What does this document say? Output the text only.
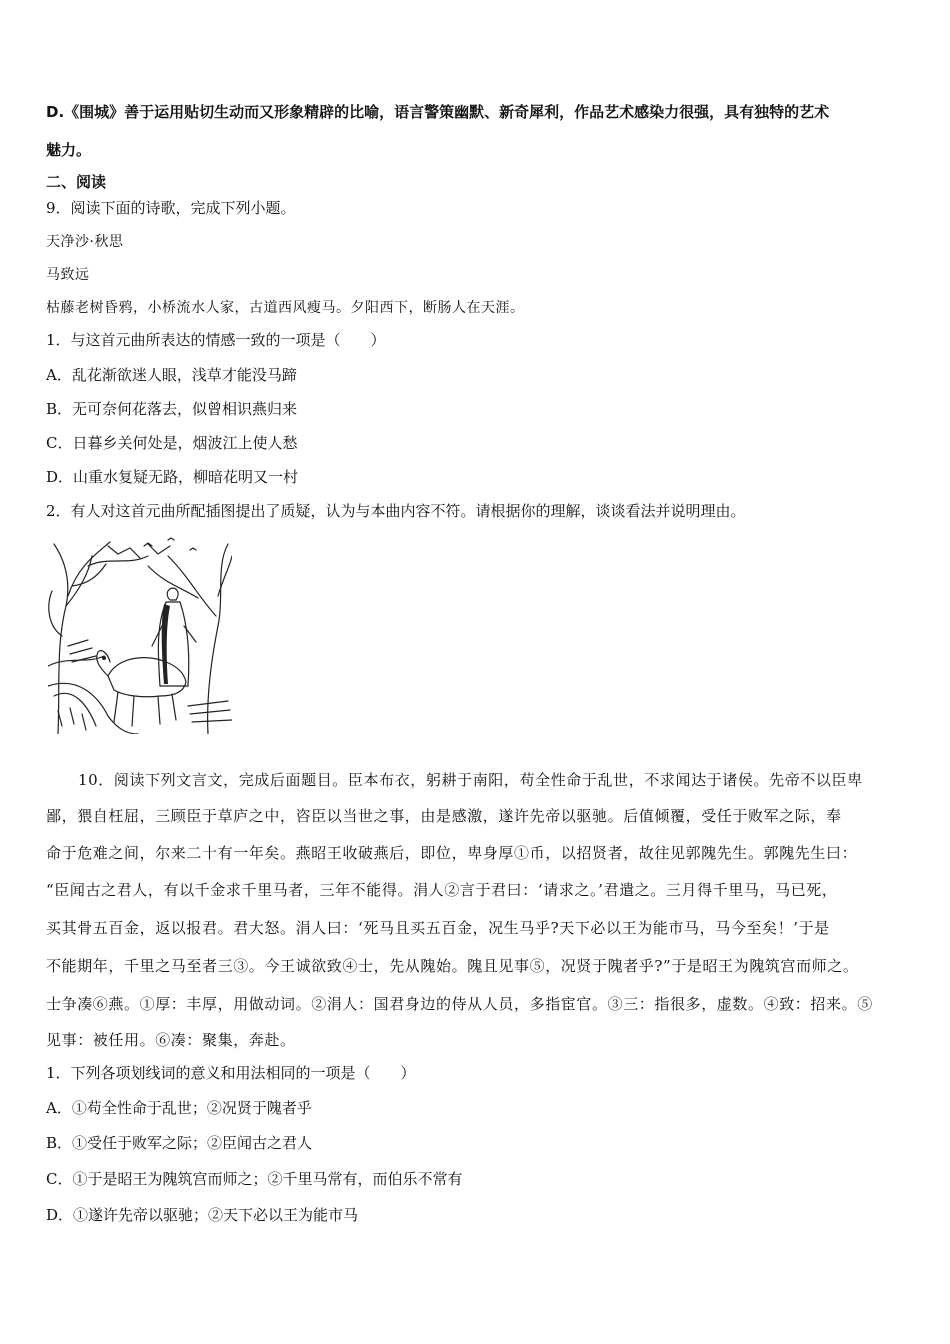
D.《围城》善于运用贴切生动而又形象精辟的比喻，语言警策幽默、新奇犀利，作品艺术感染力很强，具有独特的艺术
魅力。
二、阅读
9．阅读下面的诗歌，完成下列小题。
天净沙·秋思
马致远
枯藤老树昏鸦，小桥流水人家，古道西风瘦马。夕阳西下，断肠人在天涯。
1．与这首元曲所表达的情感一致的一项是（　　）
A．乱花渐欲迷人眼，浅草才能没马蹄
B．无可奈何花落去，似曾相识燕归来
C．日暮乡关何处是，烟波江上使人愁
D．山重水复疑无路，柳暗花明又一村
2．有人对这首元曲所配插图提出了质疑，认为与本曲内容不符。请根据你的理解，谈谈看法并说明理由。
10．阅读下列文言文，完成后面题目。臣本布衣，躬耕于南阳，苟全性命于乱世，不求闻达于诸侯。先帝不以臣卑
鄙，猥自枉屈，三顾臣于草庐之中，咨臣以当世之事，由是感激，遂许先帝以驱驰。后值倾覆，受任于败军之际，奉
命于危难之间，尔来二十有一年矣。燕昭王收破燕后，即位，卑身厚①币，以招贤者，故往见郭隗先生。郭隗先生曰：
“臣闻古之君人，有以千金求千里马者，三年不能得。涓人②言于君曰：‘请求之。’君遣之。三月得千里马，马已死，
买其骨五百金，返以报君。君大怒。涓人曰：‘死马且买五百金，况生马乎?天下必以王为能市马，马今至矣！’于是
不能期年，千里之马至者三③。今王诚欲致④士，先从隗始。隗且见事⑤，况贤于隗者乎?”于是昭王为隗筑宫而师之。
士争凑⑥燕。①厚：丰厚，用做动词。②涓人：国君身边的侍从人员，多指宦官。③三：指很多，虚数。④致：招来。⑤
见事：被任用。⑥凑：聚集，奔赴。
1．下列各项划线词的意义和用法相同的一项是（　　）
A．①苟全性命于乱世；②况贤于隗者乎
B．①受任于败军之际；②臣闻古之君人
C．①于是昭王为隗筑宫而师之；②千里马常有，而伯乐不常有
D．①遂许先帝以驱驰；②天下必以王为能市马
